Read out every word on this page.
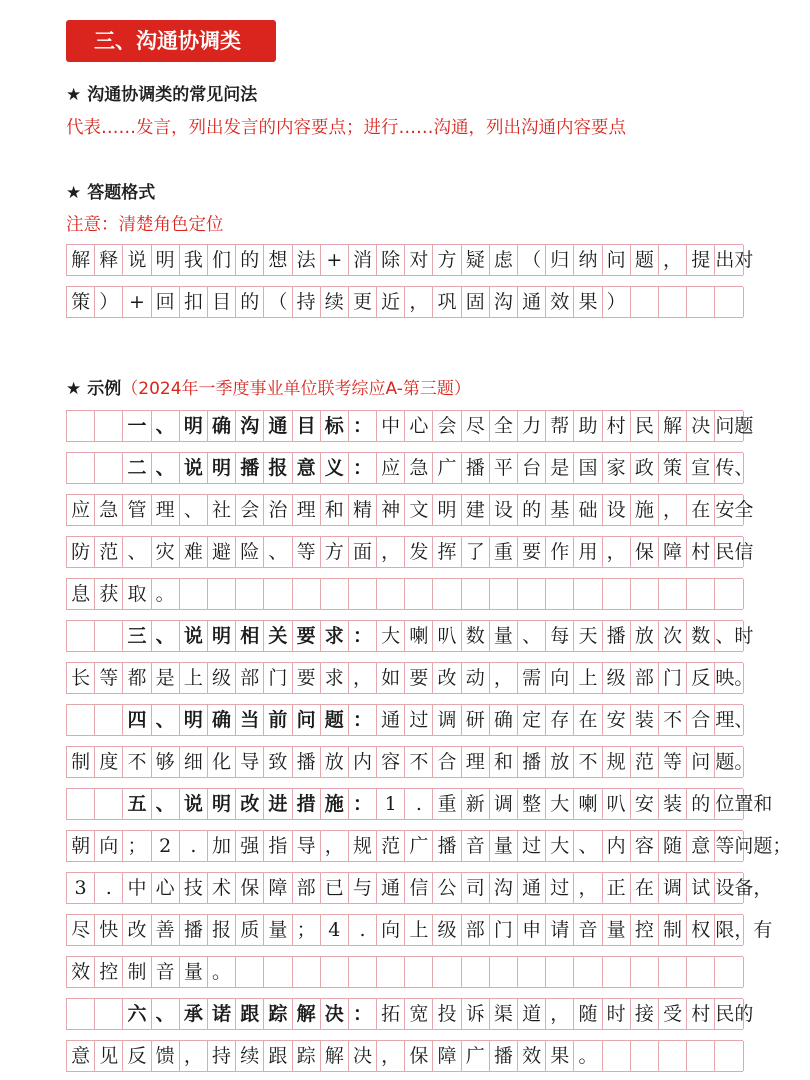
三、沟通协调类
★ 沟通协调类的常见问法
代表……发言，列出发言的内容要点；进行……沟通，列出沟通内容要点
★ 答题格式
注意：清楚角色定位
解 释 说 明 我 们 的 想 法 + 消 除 对 方 疑 虑 （ 归 纳 问 题 ， 提 出对
策 ） + 回 扣 目 的 （ 持 续 更 近 ， 巩 固 沟 通 效 果 ）
★ 示例（2024年一季度事业单位联考综应A-第三题）
一 、 明 确 沟 通 目 标 ： 中 心 会 尽 全 力 帮 助 村 民 解 决 问题
二 、 说 明 播 报 意 义 ： 应 急 广 播 平 台 是 国 家 政 策 宣 传、
应 急 管 理 、 社 会 治 理 和 精 神 文 明 建 设 的 基 础 设 施 ， 在 安全
防 范 、 灾 难 避 险 、 等 方 面 ， 发 挥 了 重 要 作 用 ， 保 障 村 民信
息 获 取 。
三 、 说 明 相 关 要 求 ： 大 喇 叭 数 量 、 每 天 播 放 次 数 、时
长 等 都 是 上 级 部 门 要 求 ， 如 要 改 动 ， 需 向 上 级 部 门 反 映。
四 、 明 确 当 前 问 题 ： 通 过 调 研 确 定 存 在 安 装 不 合 理、
制 度 不 够 细 化 导 致 播 放 内 容 不 合 理 和 播 放 不 规 范 等 问 题。
五 、 说 明 改 进 措 施 ： 1	. 重 新 调 整 大 喇 叭 安 装 的 位置和
朝 向 ； 2	. 加 强 指 导 ， 规 范 广 播 音 量 过 大 、 内 容 随 意 等问题；
3	. 中 心 技 术 保 障 部 已 与 通 信 公 司 沟 通 过 ， 正 在 调 试 设备，
尽 快 改 善 播 报 质 量 ； 4	. 向 上 级 部 门 申 请 音 量 控 制 权 限，有
效 控 制 音 量 。
六 、 承 诺 跟 踪 解 决 ： 拓 宽 投 诉 渠 道 ， 随 时 接 受 村 民的
意 见 反 馈 ， 持 续 跟 踪 解 决 ， 保 障 广 播 效 果 。
